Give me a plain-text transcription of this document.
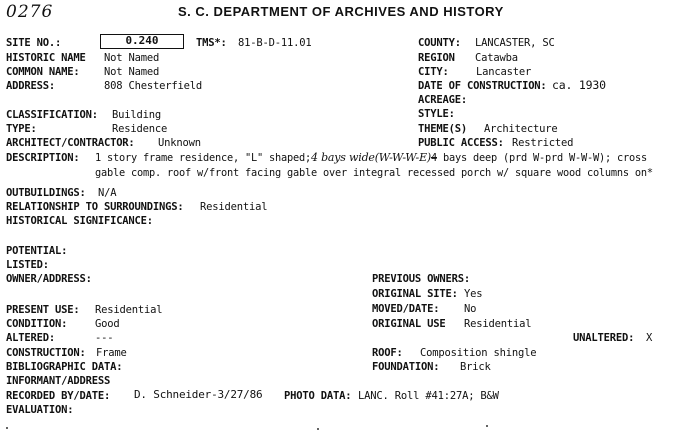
0276	S. C. DEPARTMENT OF ARCHIVES AND HISTORY
SITE NO.:	0.240	TMS*: 81-B-D-11.01
HISTORIC NAME Not Named
COMMON NAME: Not Named
ADDRESS:	808 Chesterfield
COUNTY: LANCASTER, SC
REGION Catawba
CITY:	Lancaster
DATE OF CONSTRUCTION: ca. 1930
ACREAGE:
STYLE:
THEME(S) Architecture
PUBLIC ACCESS: Restricted
CLASSIFICATION: Building
TYPE:	Residence
ARCHITECT/CONTRACTOR: Unknown
DESCRIPTION: 1 story frame residence, "L" shaped;4 bays wide(W-W-W-E)4 bays deep (prd W-prd W-W-W); cross
gable comp. roof w/front facing gable over integral recessed porch w/ square wood columns on*
OUTBUILDINGS: N/A
RELATIONSHIP TO SURROUNDINGS: Residential
HISTORICAL SIGNIFICANCE:
POTENTIAL:
LISTED:
OWNER/ADDRESS:
PRESENT USE: Residential
CONDITION:	Good
ALTERED:	---
CONSTRUCTION: Frame
BIBLIOGRAPHIC DATA:
INFORMANT/ADDRESS
RECORDED BY/DATE: D. Schneider-3/27/86 PHOTO DATA: LANC. Roll #41:27A; B&W
EVALUATION:
PREVIOUS OWNERS:
ORIGINAL SITE: Yes
MOVED/DATE: No
ORIGINAL USE Residential
UNALTERED: X
ROOF: Composition shingle
FOUNDATION: Brick
